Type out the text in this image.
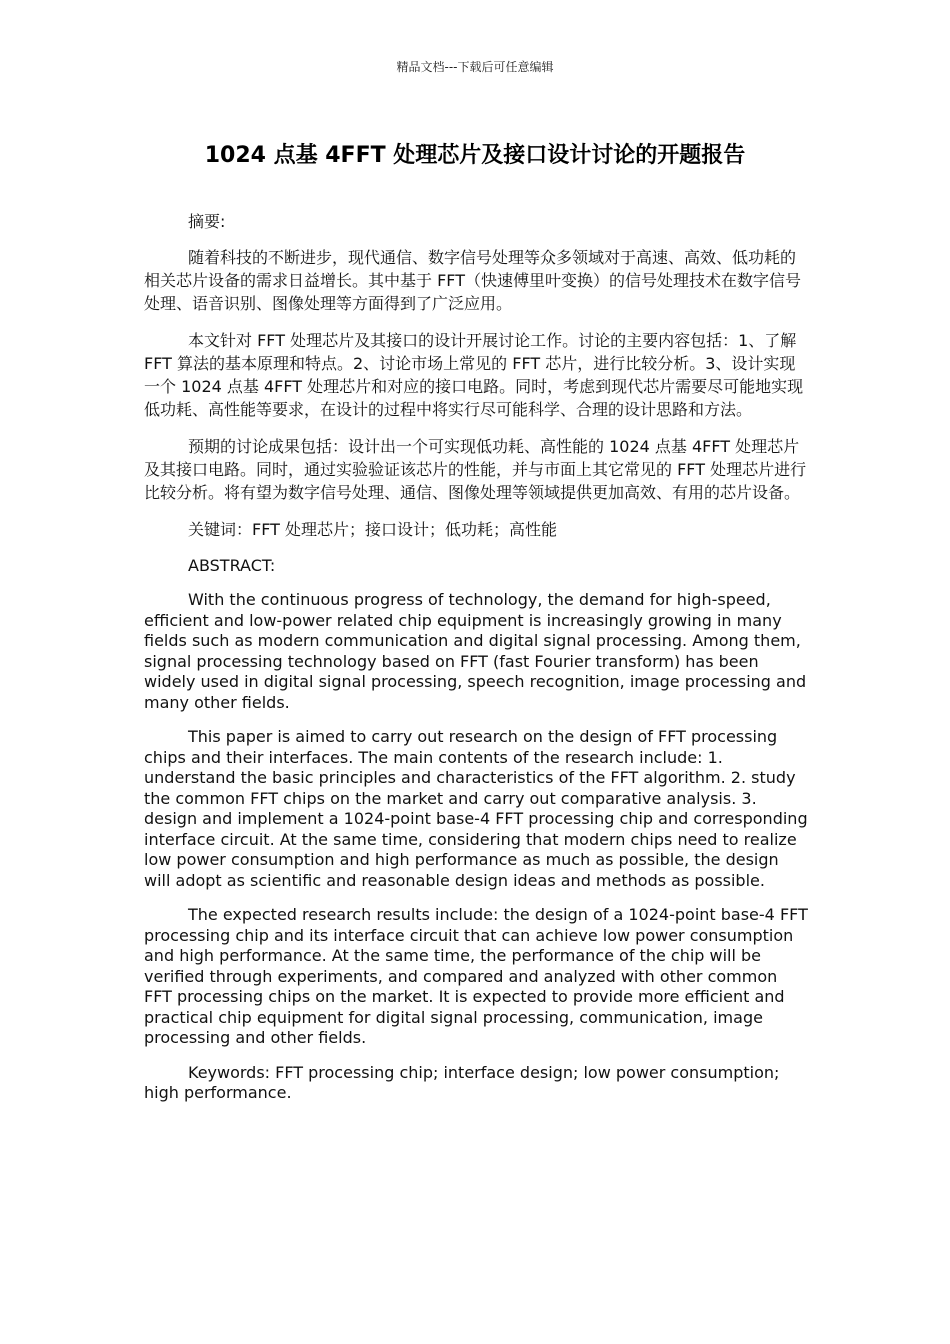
精品文档---下载后可任意编辑
1024 点基 4FFT 处理芯片及接口设计讨论的开题报告

摘要:

随着科技的不断进步，现代通信、数字信号处理等众多领域对于高速、高效、低功耗的相关芯片设备的需求日益增长。其中基于 FFT（快速傅里叶变换）的信号处理技术在数字信号处理、语音识别、图像处理等方面得到了广泛应用。

本文针对 FFT 处理芯片及其接口的设计开展讨论工作。讨论的主要内容包括：1、了解 FFT 算法的基本原理和特点。2、讨论市场上常见的 FFT 芯片，进行比较分析。3、设计实现一个 1024 点基 4FFT 处理芯片和对应的接口电路。同时，考虑到现代芯片需要尽可能地实现低功耗、高性能等要求，在设计的过程中将实行尽可能科学、合理的设计思路和方法。

预期的讨论成果包括：设计出一个可实现低功耗、高性能的 1024 点基 4FFT 处理芯片及其接口电路。同时，通过实验验证该芯片的性能，并与市面上其它常见的 FFT 处理芯片进行比较分析。将有望为数字信号处理、通信、图像处理等领域提供更加高效、有用的芯片设备。

关键词：FFT 处理芯片；接口设计；低功耗；高性能

ABSTRACT:

With the continuous progress of technology, the demand for high-speed, efficient and low-power related chip equipment is increasingly growing in many fields such as modern communication and digital signal processing. Among them, signal processing technology based on FFT (fast Fourier transform) has been widely used in digital signal processing, speech recognition, image processing and many other fields.

This paper is aimed to carry out research on the design of FFT processing chips and their interfaces. The main contents of the research include: 1. understand the basic principles and characteristics of the FFT algorithm. 2. study the common FFT chips on the market and carry out comparative analysis. 3. design and implement a 1024-point base-4 FFT processing chip and corresponding interface circuit. At the same time, considering that modern chips need to realize low power consumption and high performance as much as possible, the design will adopt as scientific and reasonable design ideas and methods as possible.

The expected research results include: the design of a 1024-point base-4 FFT processing chip and its interface circuit that can achieve low power consumption and high performance. At the same time, the performance of the chip will be verified through experiments, and compared and analyzed with other common FFT processing chips on the market. It is expected to provide more efficient and practical chip equipment for digital signal processing, communication, image processing and other fields.

Keywords: FFT processing chip; interface design; low power consumption; high performance.
